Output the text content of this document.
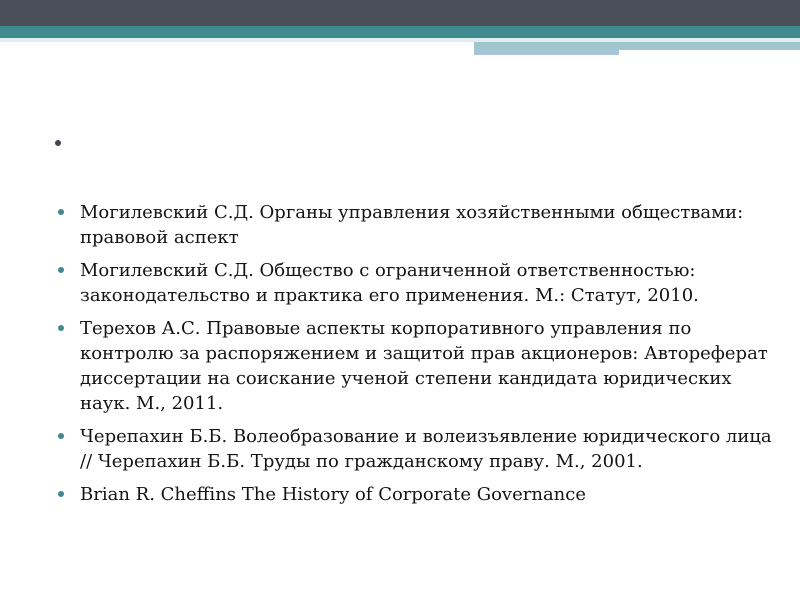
Могилевский С.Д. Органы управления хозяйственными обществами: правовой аспект
Могилевский С.Д. Общество с ограниченной ответственностью: законодательство и практика его применения. М.: Статут, 2010.
Терехов А.С. Правовые аспекты корпоративного управления по контролю за распоряжением и защитой прав акционеров: Автореферат диссертации на соискание ученой степени кандидата юридических наук. М., 2011.
Черепахин Б.Б. Волеобразование и волеизъявление юридического лица // Черепахин Б.Б. Труды по гражданскому праву. М., 2001.
Brian R. Cheffins The History of Corporate Governance
